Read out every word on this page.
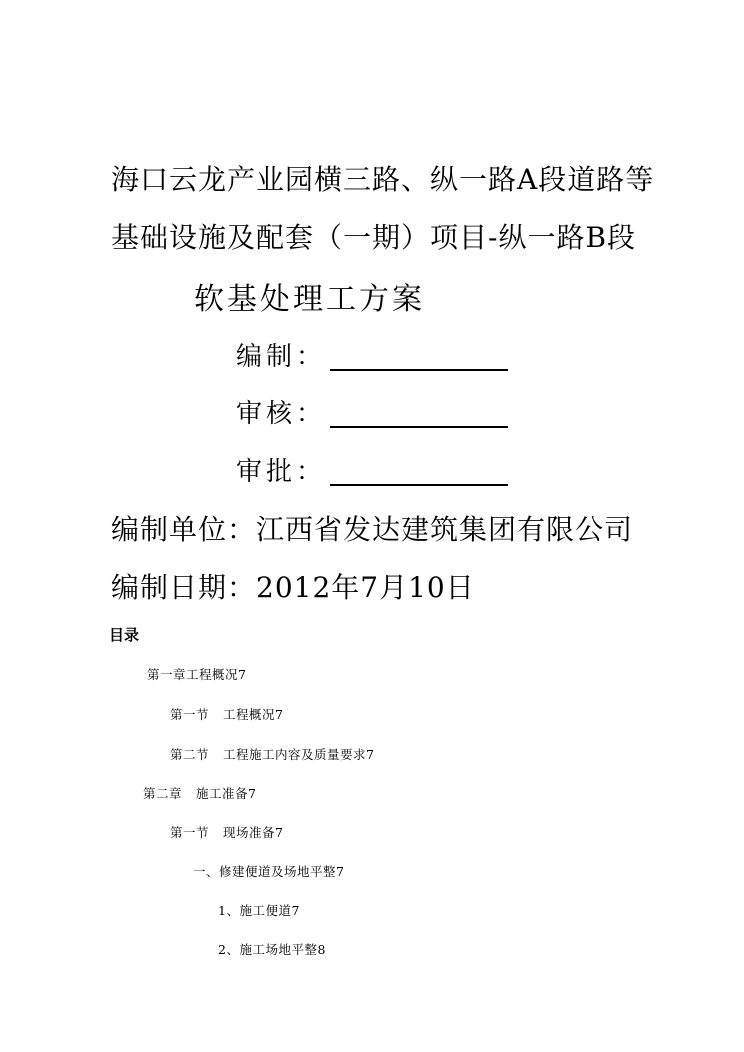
海口云龙产业园横三路、纵一路A段道路等
基础设施及配套（一期）项目-纵一路B段
软基处理工方案
编制：
审核：
审批：
编制单位：江西省发达建筑集团有限公司
编制日期：2012年7月10日
目录
第一章工程概况7
第一节 工程概况7
第二节 工程施工内容及质量要求7
第二章 施工准备7
第一节 现场准备7
一、修建便道及场地平整7
1、施工便道7
2、施工场地平整8
